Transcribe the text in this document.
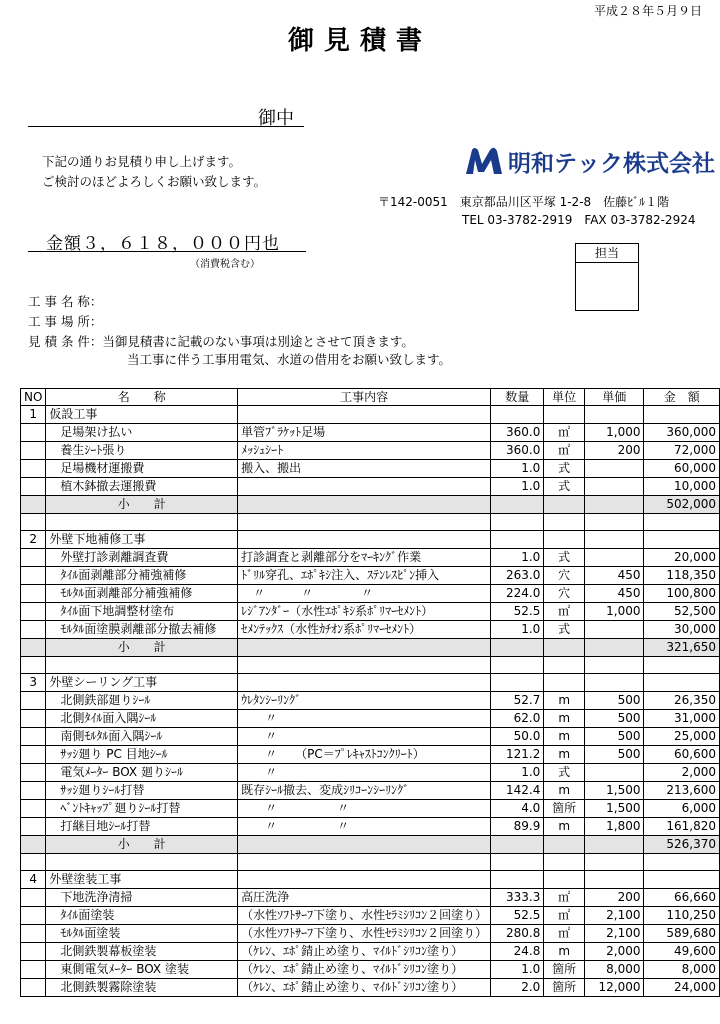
平成２８年５月９日
御見積書
御中
下記の通りお見積り申し上げます。
ご検討のほどよろしくお願い致します。
明和テック株式会社
〒142-0051　東京都品川区平塚 1-2-8　佐藤ﾋﾞﾙ１階
TEL 03-3782-2919　FAX 03-3782-2924
金額３，６１８，０００円也
（消費税含む）
担当
工 事 名 称：
工 事 場 所：
見 積 条 件：当御見積書に記載のない事項は別途とさせて頂きます。
当工事に伴う工事用電気、水道の借用をお願い致します。
NO	名　　称	工事内容	数量	単位	単価	金　額
1	仮設工事					
	足場架け払い	単管ﾌﾞﾗｹｯﾄ足場	360.0	㎡	1,000	360,000
	養生ｼｰﾄ張り	ﾒｯｼｭｼｰﾄ	360.0	㎡	200	72,000
	足場機材運搬費	搬入、搬出	1.0	式		60,000
	植木鉢撤去運搬費		1.0	式		10,000
	小　　計					502,000

2	外壁下地補修工事					
	外壁打診剥離調査費	打診調査と剥離部分をﾏｰｷﾝｸﾞ作業	1.0	式		20,000
	ﾀｲﾙ面剥離部分補強補修	ﾄﾞﾘﾙ穿孔、ｴﾎﾟｷｼ注入、ｽﾃﾝﾚｽﾋﾟﾝ挿入	263.0	穴	450	118,350
	ﾓﾙﾀﾙ面剥離部分補強補修	　〃　　　〃　　　　〃	224.0	穴	450	100,800
	ﾀｲﾙ面下地調整材塗布	ﾚｼﾞｱﾝﾀﾞｰ（水性ｴﾎﾟｷｼ系ﾎﾟﾘﾏｰｾﾒﾝﾄ）	52.5	㎡	1,000	52,500
	ﾓﾙﾀﾙ面塗膜剥離部分撤去補修	ｾﾒﾝﾃｯｸｽ（水性ｶﾁｵﾝ系ﾎﾟﾘﾏｰｾﾒﾝﾄ）	1.0	式		30,000
	小　　計					321,650

3	外壁シーリング工事					
	北側鉄部廻りｼｰﾙ	ｳﾚﾀﾝｼｰﾘﾝｸﾞ	52.7	m	500	26,350
	北側ﾀｲﾙ面入隅ｼｰﾙ	　　〃	62.0	m	500	31,000
	南側ﾓﾙﾀﾙ面入隅ｼｰﾙ	　　〃	50.0	m	500	25,000
	ｻｯｼ廻り PC 目地ｼｰﾙ	　　〃　　（PC＝ﾌﾟﾚｷｬｽﾄｺﾝｸﾘｰﾄ）	121.2	m	500	60,600
	電気ﾒｰﾀｰ BOX 廻りｼｰﾙ	　　〃	1.0	式		2,000
	ｻｯｼ廻りｼｰﾙ打替	既存ｼｰﾙ撤去、変成ｼﾘｺｰﾝｼｰﾘﾝｸﾞ	142.4	m	1,500	213,600
	ﾍﾞﾝﾄｷｬｯﾌﾟ廻りｼｰﾙ打替	　　〃　　　　　〃	4.0	箇所	1,500	6,000
	打継目地ｼｰﾙ打替	　　〃　　　　　〃	89.9	m	1,800	161,820
	小　　計					526,370

4	外壁塗装工事					
	下地洗浄清掃	高圧洗浄	333.3	㎡	200	66,660
	ﾀｲﾙ面塗装	（水性ｿﾌﾄｻｰﾌ下塗り、水性ｾﾗﾐｼﾘｺﾝ２回塗り）	52.5	㎡	2,100	110,250
	ﾓﾙﾀﾙ面塗装	（水性ｿﾌﾄｻｰﾌ下塗り、水性ｾﾗﾐｼﾘｺﾝ２回塗り）	280.8	㎡	2,100	589,680
	北側鉄製幕板塗装	（ｹﾚﾝ、ｴﾎﾟ錆止め塗り、ﾏｲﾙﾄﾞｼﾘｺﾝ塗り）	24.8	m	2,000	49,600
	東側電気ﾒｰﾀｰ BOX 塗装	（ｹﾚﾝ、ｴﾎﾟ錆止め塗り、ﾏｲﾙﾄﾞｼﾘｺﾝ塗り）	1.0	箇所	8,000	8,000
	北側鉄製霧除塗装	（ｹﾚﾝ、ｴﾎﾟ錆止め塗り、ﾏｲﾙﾄﾞｼﾘｺﾝ塗り）	2.0	箇所	12,000	24,000
